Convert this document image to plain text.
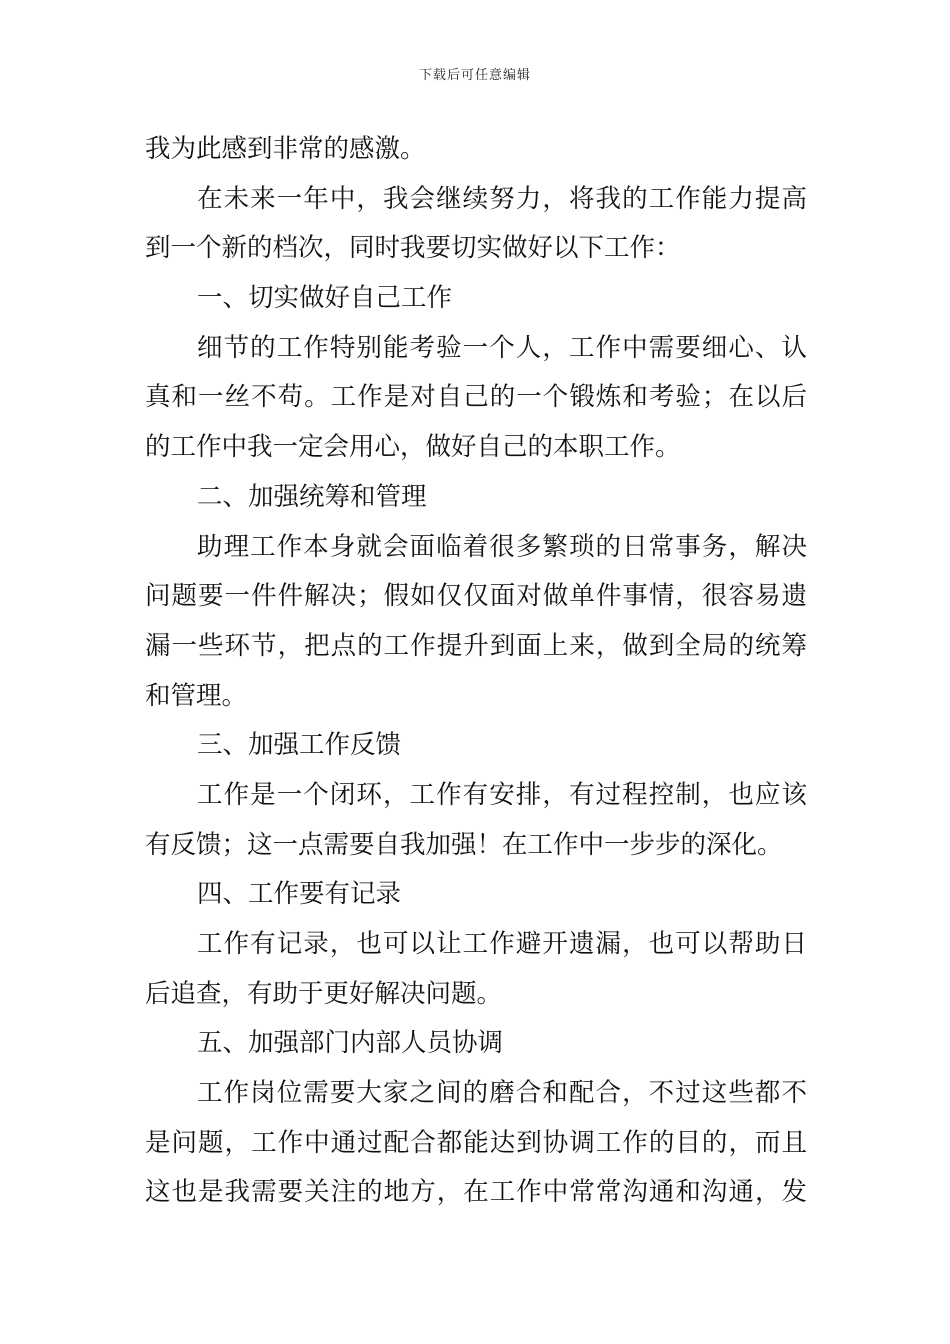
下载后可任意编辑
我为此感到非常的感激。
在未来一年中，我会继续努力，将我的工作能力提高
到一个新的档次，同时我要切实做好以下工作：
一、切实做好自己工作
细节的工作特别能考验一个人，工作中需要细心、认
真和一丝不苟。工作是对自己的一个锻炼和考验；在以后
的工作中我一定会用心，做好自己的本职工作。
二、加强统筹和管理
助理工作本身就会面临着很多繁琐的日常事务，解决
问题要一件件解决；假如仅仅面对做单件事情，很容易遗
漏一些环节，把点的工作提升到面上来，做到全局的统筹
和管理。
三、加强工作反馈
工作是一个闭环，工作有安排，有过程控制，也应该
有反馈；这一点需要自我加强！在工作中一步步的深化。
四、工作要有记录
工作有记录，也可以让工作避开遗漏，也可以帮助日
后追查，有助于更好解决问题。
五、加强部门内部人员协调
工作岗位需要大家之间的磨合和配合，不过这些都不
是问题，工作中通过配合都能达到协调工作的目的，而且
这也是我需要关注的地方，在工作中常常沟通和沟通，发
